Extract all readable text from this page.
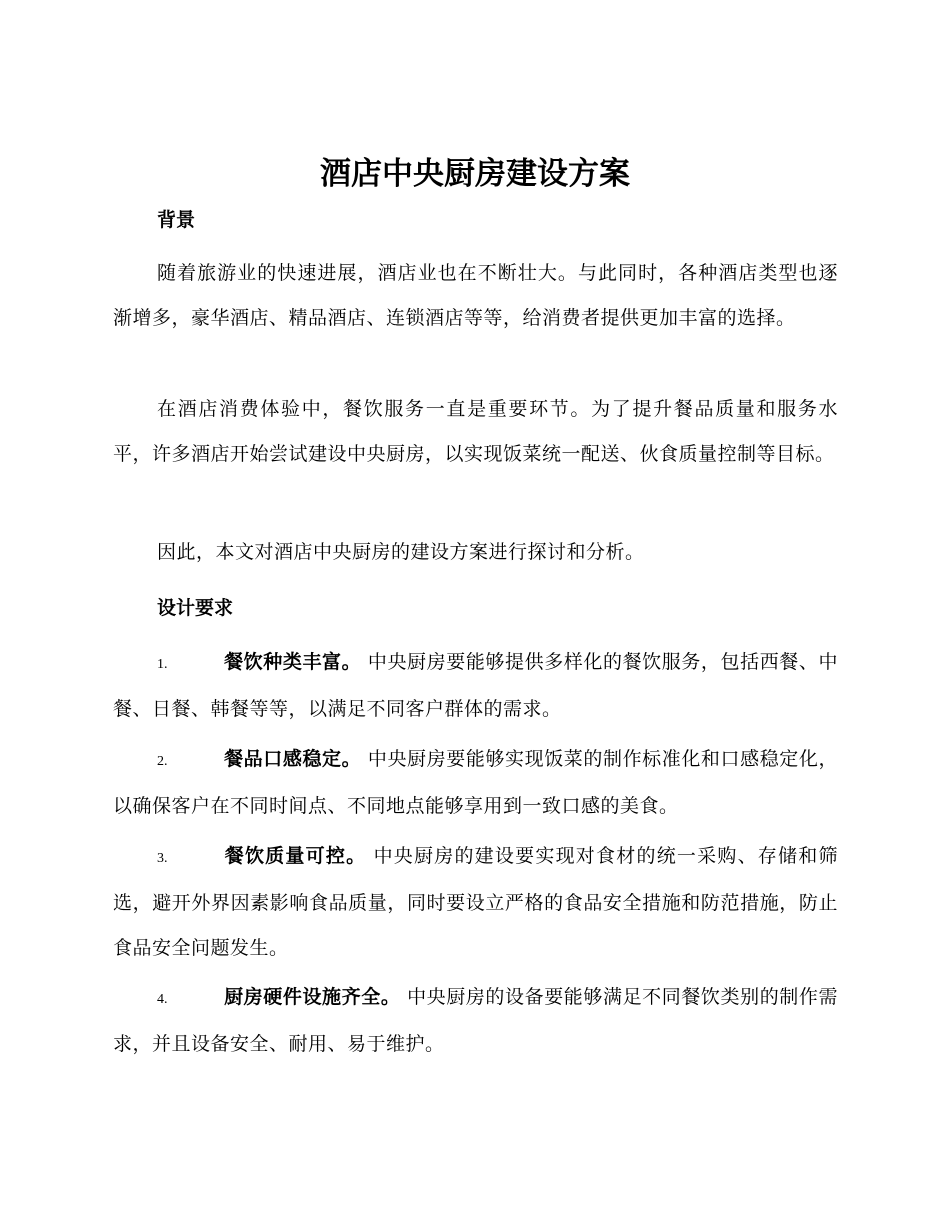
酒店中央厨房建设方案
背景

随着旅游业的快速进展，酒店业也在不断壮大。与此同时，各种酒店类型也逐渐增多，豪华酒店、精品酒店、连锁酒店等等，给消费者提供更加丰富的选择。

在酒店消费体验中，餐饮服务一直是重要环节。为了提升餐品质量和服务水平，许多酒店开始尝试建设中央厨房，以实现饭菜统一配送、伙食质量控制等目标。

因此，本文对酒店中央厨房的建设方案进行探讨和分析。

设计要求

1.	餐饮种类丰富。 中央厨房要能够提供多样化的餐饮服务，包括西餐、中餐、日餐、韩餐等等，以满足不同客户群体的需求。

2.	餐品口感稳定。 中央厨房要能够实现饭菜的制作标准化和口感稳定化，以确保客户在不同时间点、不同地点能够享用到一致口感的美食。

3.	餐饮质量可控。 中央厨房的建设要实现对食材的统一采购、存储和筛选，避开外界因素影响食品质量，同时要设立严格的食品安全措施和防范措施，防止食品安全问题发生。

4.	厨房硬件设施齐全。 中央厨房的设备要能够满足不同餐饮类别的制作需求，并且设备安全、耐用、易于维护。
